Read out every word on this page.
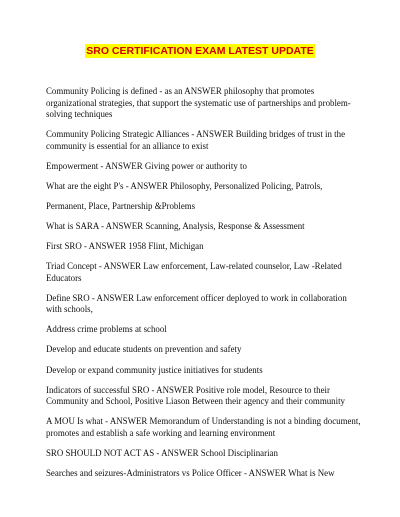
SRO CERTIFICATION EXAM LATEST UPDATE

Community Policing is defined - as an ANSWER philosophy that promotes organizational strategies, that support the systematic use of partnerships and problem-solving techniques

Community Policing Strategic Alliances - ANSWER Building bridges of trust in the community is essential for an alliance to exist

Empowerment - ANSWER Giving power or authority to

What are the eight P's - ANSWER Philosophy, Personalized Policing, Patrols,

Permanent, Place, Partnership &Problems

What is SARA - ANSWER Scanning, Analysis, Response & Assessment

First SRO - ANSWER 1958 Flint, Michigan

Triad Concept - ANSWER Law enforcement, Law-related counselor, Law -Related Educators

Define SRO - ANSWER Law enforcement officer deployed to work in collaboration with schools,

Address crime problems at school

Develop and educate students on prevention and safety

Develop or expand community justice initiatives for students

Indicators of successful SRO - ANSWER Positive role model, Resource to their Community and School, Positive Liason Between their agency and their community

A MOU Is what - ANSWER Memorandum of Understanding is not a binding document, promotes and establish a safe working and learning environment

SRO SHOULD NOT ACT AS - ANSWER School Disciplinarian

Searches and seizures-Administrators vs Police Officer - ANSWER What is New
